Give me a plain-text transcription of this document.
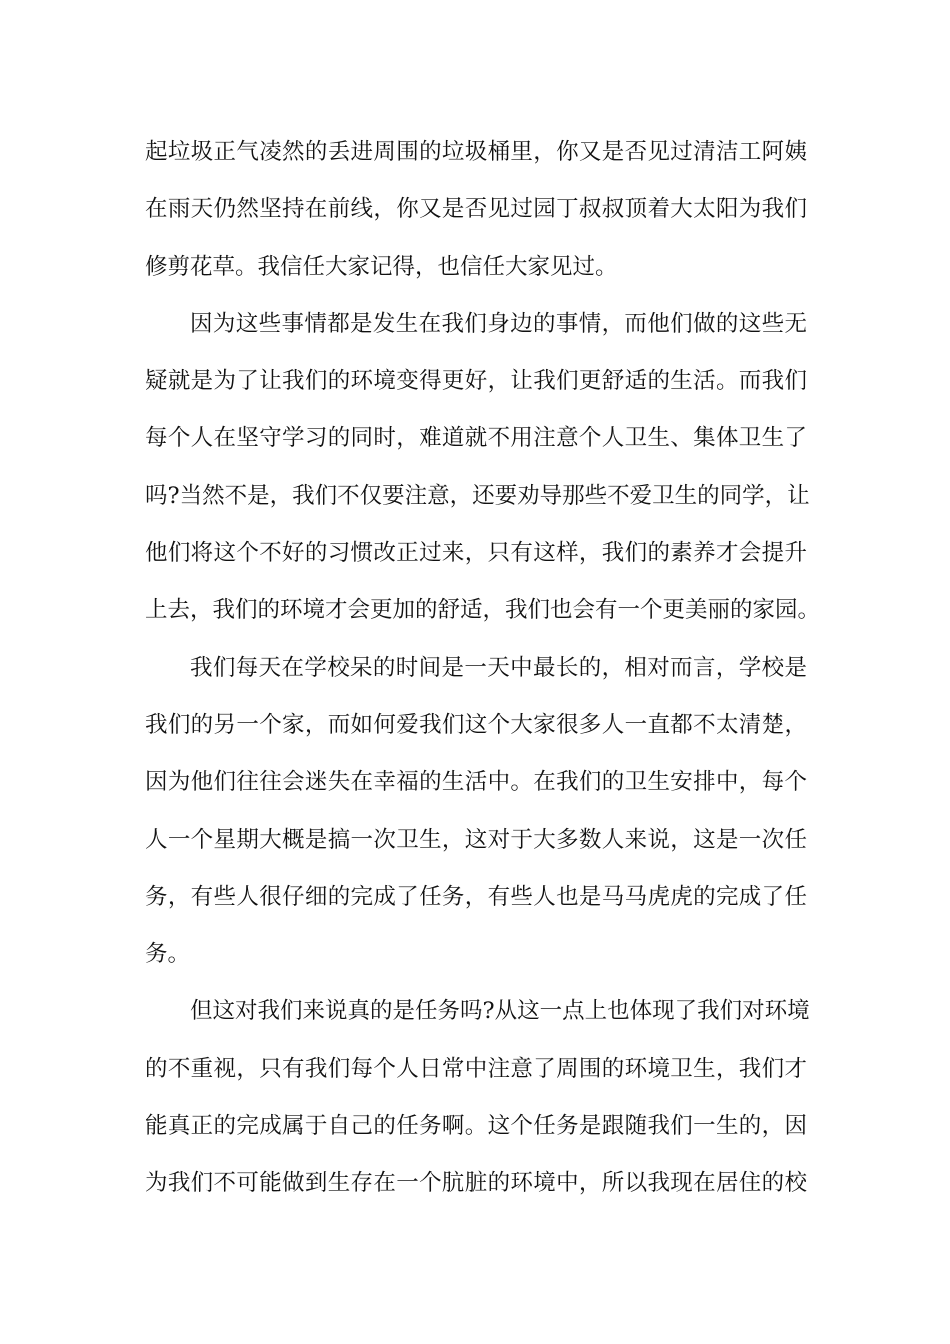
起垃圾正气凌然的丢进周围的垃圾桶里，你又是否见过清洁工阿姨
在雨天仍然坚持在前线，你又是否见过园丁叔叔顶着大太阳为我们
修剪花草。我信任大家记得，也信任大家见过。
因为这些事情都是发生在我们身边的事情，而他们做的这些无
疑就是为了让我们的环境变得更好，让我们更舒适的生活。而我们
每个人在坚守学习的同时，难道就不用注意个人卫生、集体卫生了
吗?当然不是，我们不仅要注意，还要劝导那些不爱卫生的同学，让
他们将这个不好的习惯改正过来，只有这样，我们的素养才会提升
上去，我们的环境才会更加的舒适，我们也会有一个更美丽的家园。
我们每天在学校呆的时间是一天中最长的，相对而言，学校是
我们的另一个家，而如何爱我们这个大家很多人一直都不太清楚，
因为他们往往会迷失在幸福的生活中。在我们的卫生安排中，每个
人一个星期大概是搞一次卫生，这对于大多数人来说，这是一次任
务，有些人很仔细的完成了任务，有些人也是马马虎虎的完成了任
务。
但这对我们来说真的是任务吗?从这一点上也体现了我们对环境
的不重视，只有我们每个人日常中注意了周围的环境卫生，我们才
能真正的完成属于自己的任务啊。这个任务是跟随我们一生的，因
为我们不可能做到生存在一个肮脏的环境中，所以我现在居住的校
